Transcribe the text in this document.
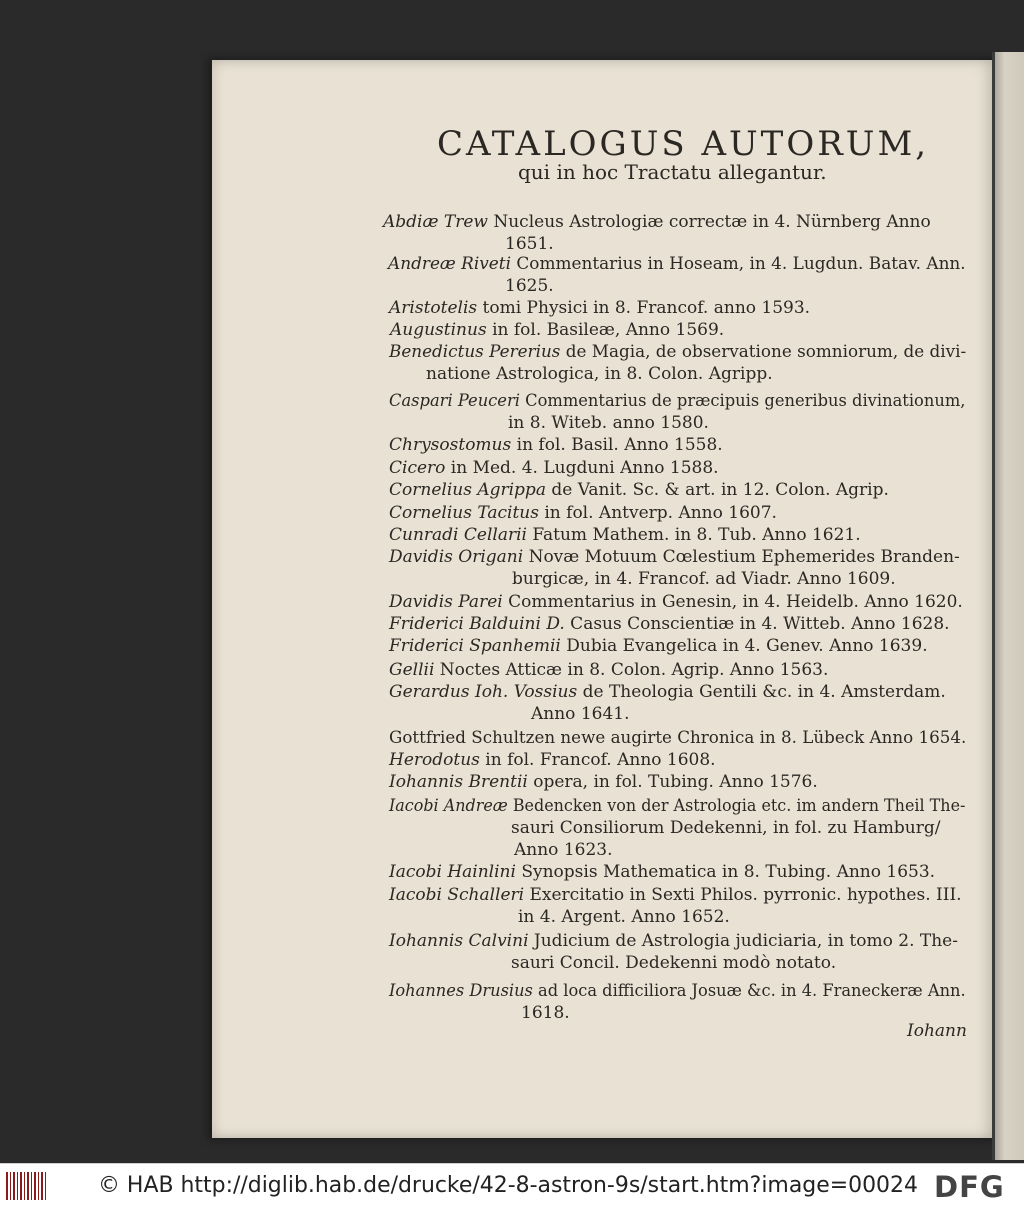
CATALOGUS AUTORUM,
qui in hoc Tractatu allegantur.
Abdiæ Trew Nucleus Astrologiæ correctæ in 4. Nürnberg Anno
1651.
Andreæ Riveti Commentarius in Hoseam, in 4. Lugdun. Batav. Ann.
1625.
Aristotelis tomi Physici in 8. Francof. anno 1593.
Augustinus in fol. Basileæ, Anno 1569.
Benedictus Pererius de Magia, de observatione somniorum, de divi-
natione Astrologica, in 8. Colon. Agripp.
Caspari Peuceri Commentarius de præcipuis generibus divinationum,
in 8. Witeb. anno 1580.
Chrysostomus in fol. Basil. Anno 1558.
Cicero in Med. 4. Lugduni Anno 1588.
Cornelius Agrippa de Vanit. Sc. & art. in 12. Colon. Agrip.
Cornelius Tacitus in fol. Antverp. Anno 1607.
Cunradi Cellarii Fatum Mathem. in 8. Tub. Anno 1621.
Davidis Origani Novæ Motuum Cœlestium Ephemerides Branden-
burgicæ, in 4. Francof. ad Viadr. Anno 1609.
Davidis Parei Commentarius in Genesin, in 4. Heidelb. Anno 1620.
Friderici Balduini D. Casus Conscientiæ in 4. Witteb. Anno 1628.
Friderici Spanhemii Dubia Evangelica in 4. Genev. Anno 1639.
Gellii Noctes Atticæ in 8. Colon. Agrip. Anno 1563.
Gerardus Ioh. Vossius de Theologia Gentili &c. in 4. Amsterdam.
Anno 1641.
Gottfried Schultzen newe augirte Chronica in 8. Lübeck Anno 1654.
Herodotus in fol. Francof. Anno 1608.
Iohannis Brentii opera, in fol. Tubing. Anno 1576.
Iacobi Andreæ Bedencken von der Astrologia etc. im andern Theil The-
sauri Consiliorum Dedekenni, in fol. zu Hamburg/
Anno 1623.
Iacobi Hainlini Synopsis Mathematica in 8. Tubing. Anno 1653.
Iacobi Schalleri Exercitatio in Sexti Philos. pyrronic. hypothes. III.
in 4. Argent. Anno 1652.
Iohannis Calvini Judicium de Astrologia judiciaria, in tomo 2. The-
sauri Concil. Dedekenni modò notato.
Iohannes Drusius ad loca difficiliora Josuæ &c. in 4. Franeckeræ Ann.
1618.
Iohann
© HAB http://diglib.hab.de/drucke/42-8-astron-9s/start.htm?image=00024 DFG
